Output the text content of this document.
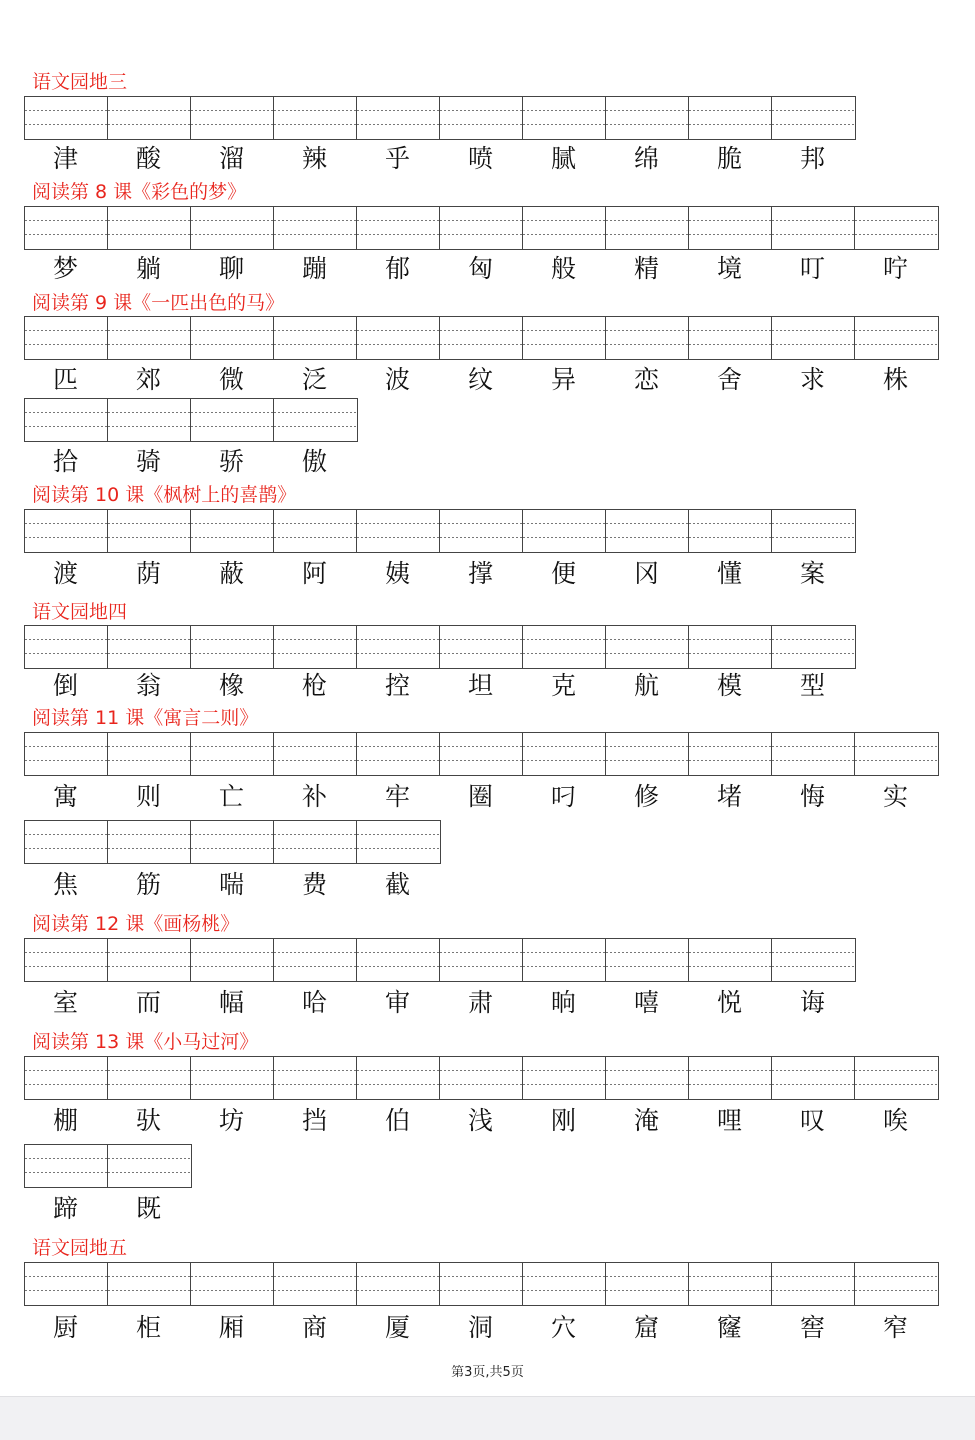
语文园地三
津	酸	溜	辣	乎	喷	腻	绵	脆	邦
阅读第 8 课《彩色的梦》
梦	躺	聊	蹦	郁	匈	般	精	境	叮	咛
阅读第 9 课《一匹出色的马》
匹	郊	微	泛	波	纹	异	恋	舍	求	株
拾	骑	骄	傲
阅读第 10 课《枫树上的喜鹊》
渡	荫	蔽	阿	姨	撑	便	冈	懂	案
语文园地四
倒	翁	橡	枪	控	坦	克	航	模	型
阅读第 11 课《寓言二则》
寓	则	亡	补	牢	圈	叼	修	堵	悔	实
焦	筋	喘	费	截
阅读第 12 课《画杨桃》
室	而	幅	哈	审	肃	晌	嘻	悦	诲
阅读第 13 课《小马过河》
棚	驮	坊	挡	伯	浅	刚	淹	哩	叹	唉
蹄	既
语文园地五
厨	柜	厢	商	厦	洞	穴	窟	窿	窖	窄
第3页,共5页
